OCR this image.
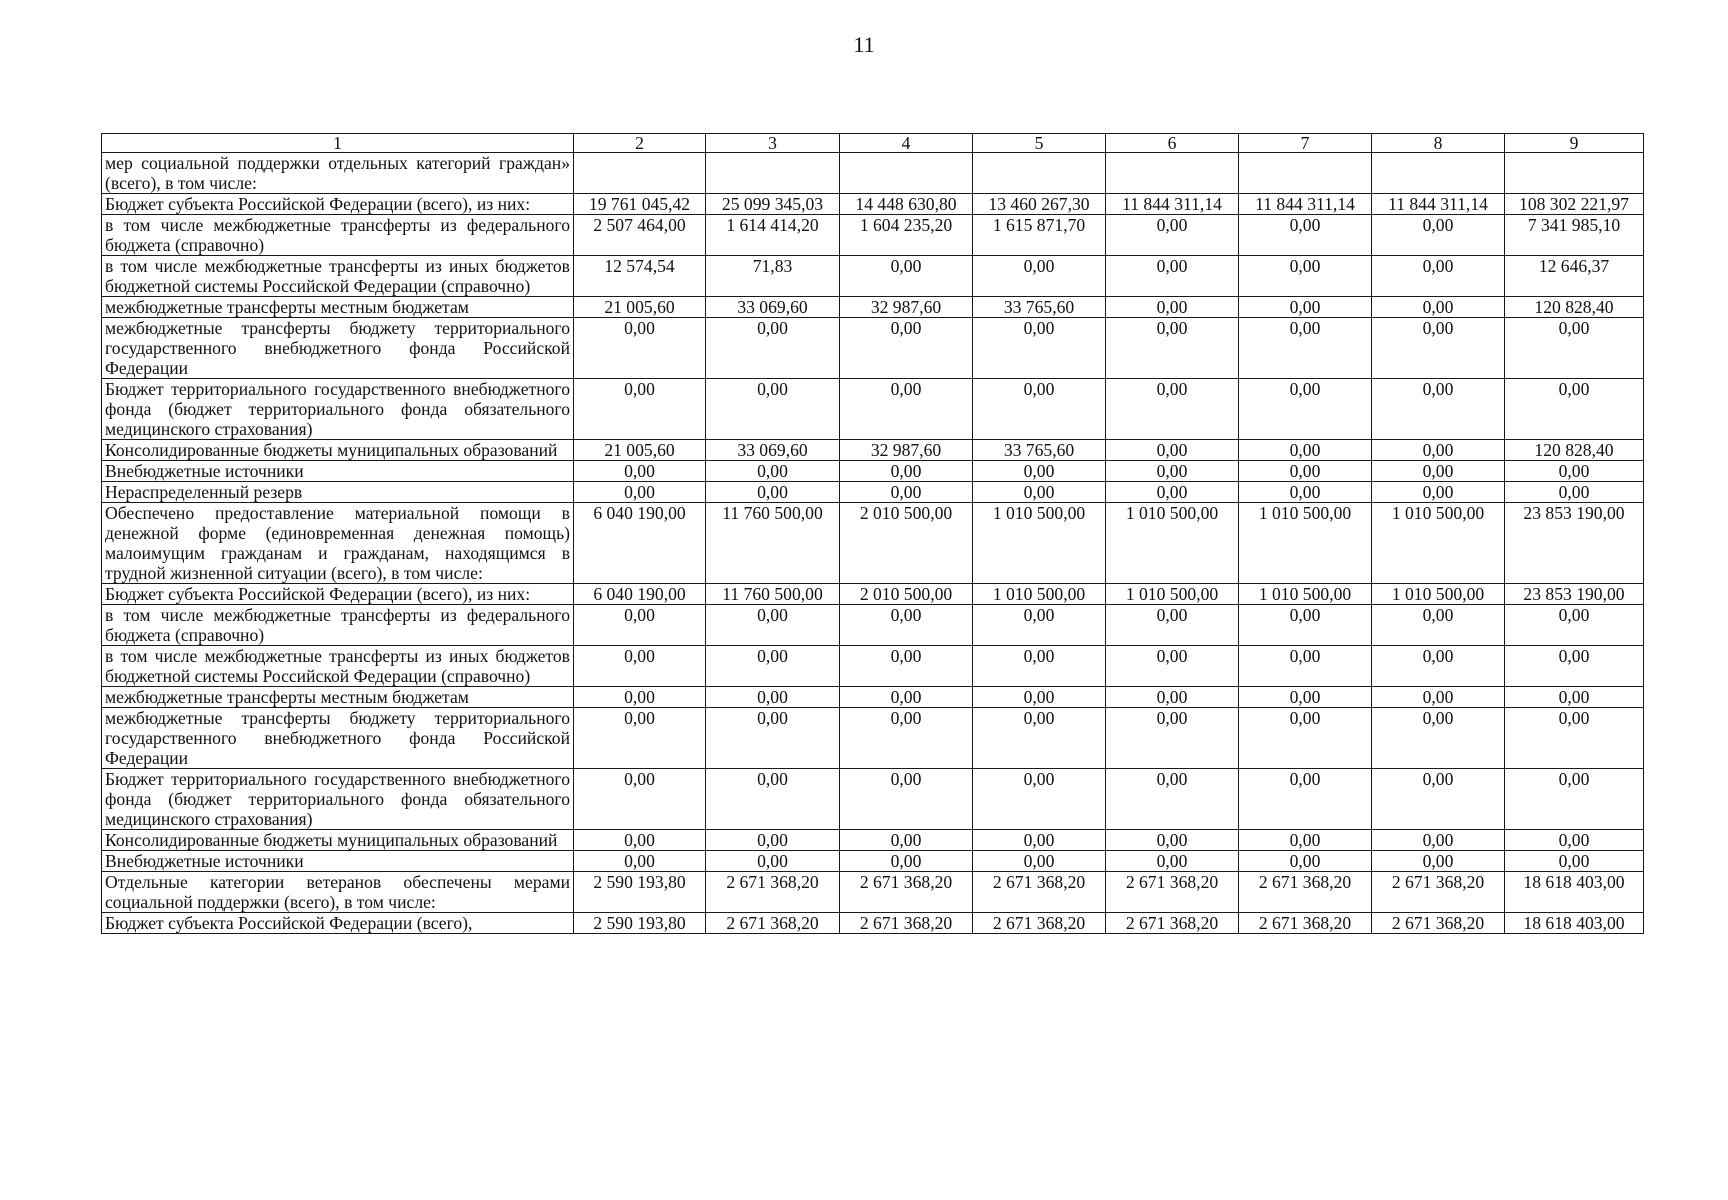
11
1	2	3	4	5	6	7	8	9
мер социальной поддержки отдельных категорий граждан» (всего), в том числе:								
Бюджет субъекта Российской Федерации (всего), из них:	19 761 045,42	25 099 345,03	14 448 630,80	13 460 267,30	11 844 311,14	11 844 311,14	11 844 311,14	108 302 221,97
в том числе межбюджетные трансферты из федерального бюджета (справочно)	2 507 464,00	1 614 414,20	1 604 235,20	1 615 871,70	0,00	0,00	0,00	7 341 985,10
в том числе межбюджетные трансферты из иных бюджетов бюджетной системы Российской Федерации (справочно)	12 574,54	71,83	0,00	0,00	0,00	0,00	0,00	12 646,37
межбюджетные трансферты местным бюджетам	21 005,60	33 069,60	32 987,60	33 765,60	0,00	0,00	0,00	120 828,40
межбюджетные трансферты бюджету территориального государственного внебюджетного фонда Российской Федерации	0,00	0,00	0,00	0,00	0,00	0,00	0,00	0,00
Бюджет территориального государственного внебюджетного фонда (бюджет территориального фонда обязательного медицинского страхования)	0,00	0,00	0,00	0,00	0,00	0,00	0,00	0,00
Консолидированные бюджеты муниципальных образований	21 005,60	33 069,60	32 987,60	33 765,60	0,00	0,00	0,00	120 828,40
Внебюджетные источники	0,00	0,00	0,00	0,00	0,00	0,00	0,00	0,00
Нераспределенный резерв	0,00	0,00	0,00	0,00	0,00	0,00	0,00	0,00
Обеспечено предоставление материальной помощи в денежной форме (единовременная денежная помощь) малоимущим гражданам и гражданам, находящимся в трудной жизненной ситуации (всего), в том числе:	6 040 190,00	11 760 500,00	2 010 500,00	1 010 500,00	1 010 500,00	1 010 500,00	1 010 500,00	23 853 190,00
Бюджет субъекта Российской Федерации (всего), из них:	6 040 190,00	11 760 500,00	2 010 500,00	1 010 500,00	1 010 500,00	1 010 500,00	1 010 500,00	23 853 190,00
в том числе межбюджетные трансферты из федерального бюджета (справочно)	0,00	0,00	0,00	0,00	0,00	0,00	0,00	0,00
в том числе межбюджетные трансферты из иных бюджетов бюджетной системы Российской Федерации (справочно)	0,00	0,00	0,00	0,00	0,00	0,00	0,00	0,00
межбюджетные трансферты местным бюджетам	0,00	0,00	0,00	0,00	0,00	0,00	0,00	0,00
межбюджетные трансферты бюджету территориального государственного внебюджетного фонда Российской Федерации	0,00	0,00	0,00	0,00	0,00	0,00	0,00	0,00
Бюджет территориального государственного внебюджетного фонда (бюджет территориального фонда обязательного медицинского страхования)	0,00	0,00	0,00	0,00	0,00	0,00	0,00	0,00
Консолидированные бюджеты муниципальных образований	0,00	0,00	0,00	0,00	0,00	0,00	0,00	0,00
Внебюджетные источники	0,00	0,00	0,00	0,00	0,00	0,00	0,00	0,00
Отдельные категории ветеранов обеспечены мерами социальной поддержки (всего), в том числе:	2 590 193,80	2 671 368,20	2 671 368,20	2 671 368,20	2 671 368,20	2 671 368,20	2 671 368,20	18 618 403,00
Бюджет субъекта Российской Федерации (всего),	2 590 193,80	2 671 368,20	2 671 368,20	2 671 368,20	2 671 368,20	2 671 368,20	2 671 368,20	18 618 403,00
